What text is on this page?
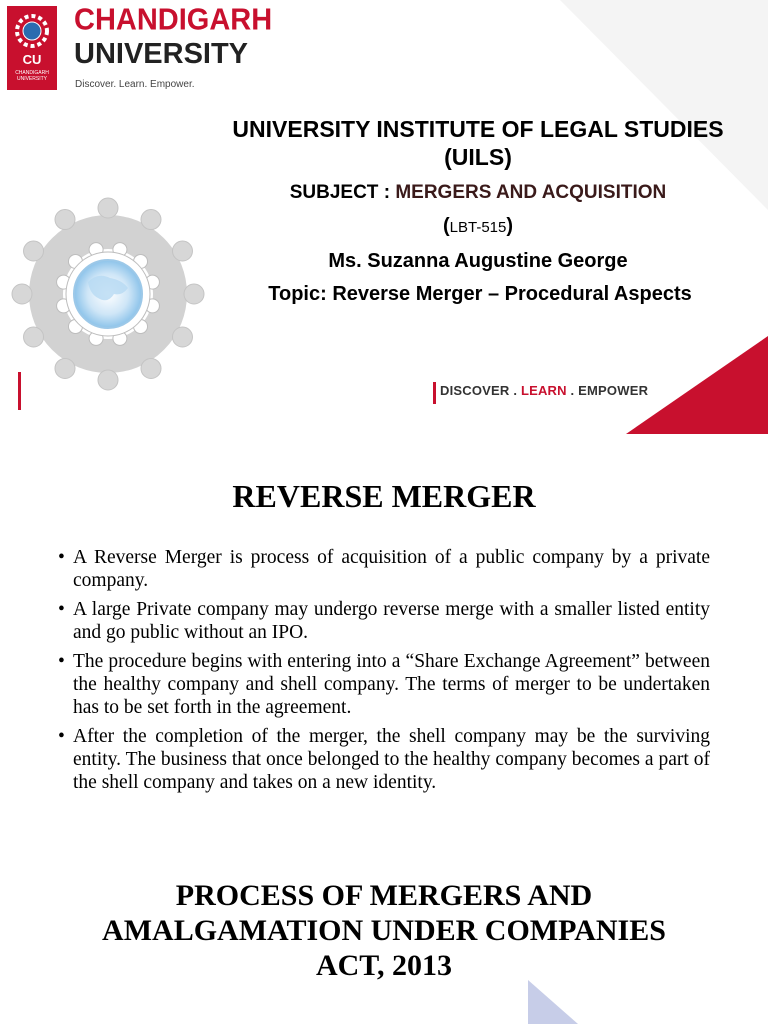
CU
CHANDIGARH UNIVERSITY
CHANDIGARH
UNIVERSITY
Discover. Learn. Empower.
UNIVERSITY INSTITUTE OF LEGAL STUDIES (UILS)
SUBJECT : MERGERS AND ACQUISITION
(LBT-515)
Ms. Suzanna Augustine George
Topic: Reverse Merger – Procedural Aspects
DISCOVER . LEARN . EMPOWER
REVERSE MERGER
• A Reverse Merger is process of acquisition of a public company by a private company.
• A large Private company may undergo reverse merge with a smaller listed entity and go public without an IPO.
• The procedure begins with entering into a “Share Exchange Agreement” between the healthy company and shell company. The terms of merger to be undertaken has to be set forth in the agreement.
• After the completion of the merger, the shell company may be the surviving entity. The business that once belonged to the healthy company becomes a part of the shell company and takes on a new identity.
PROCESS OF MERGERS AND
AMALGAMATION UNDER COMPANIES
ACT, 2013
